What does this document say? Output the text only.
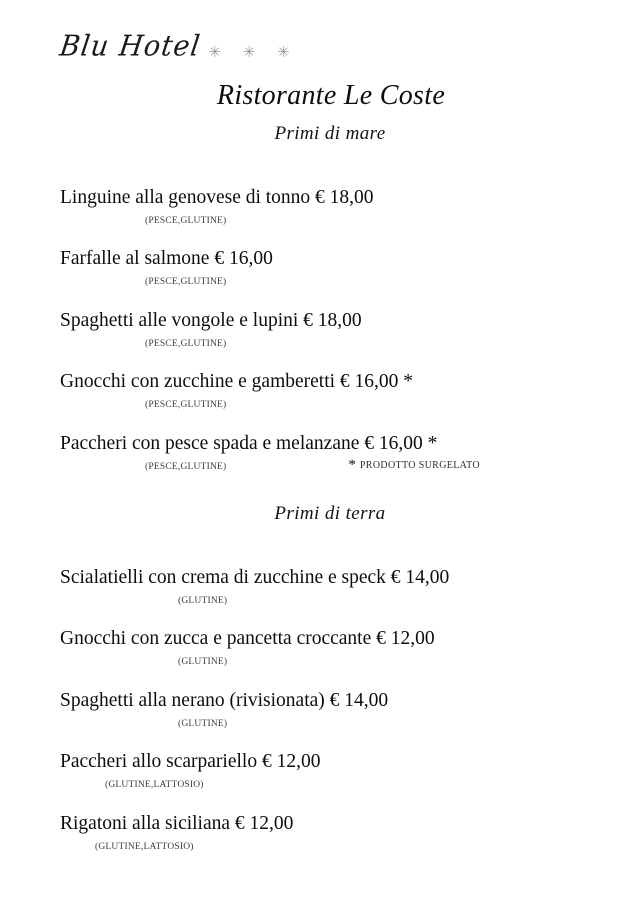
Blu Hotel ✳ ✳ ✳
Ristorante Le Coste
Primi di mare
Linguine alla genovese di tonno € 18,00
(PESCE,GLUTINE)
Farfalle al salmone € 16,00
(PESCE,GLUTINE)
Spaghetti alle vongole e lupini € 18,00
(PESCE,GLUTINE)
Gnocchi con zucchine e gamberetti € 16,00 *
(PESCE,GLUTINE)
Paccheri con pesce spada e melanzane € 16,00 *
(PESCE,GLUTINE)	* PRODOTTO SURGELATO
Primi di terra
Scialatielli con crema di zucchine e speck € 14,00
(GLUTINE)
Gnocchi con zucca e pancetta croccante € 12,00
(GLUTINE)
Spaghetti alla nerano (rivisionata) € 14,00
(GLUTINE)
Paccheri allo scarpariello € 12,00
(GLUTINE,LATTOSIO)
Rigatoni alla siciliana € 12,00
(GLUTINE,LATTOSIO)
